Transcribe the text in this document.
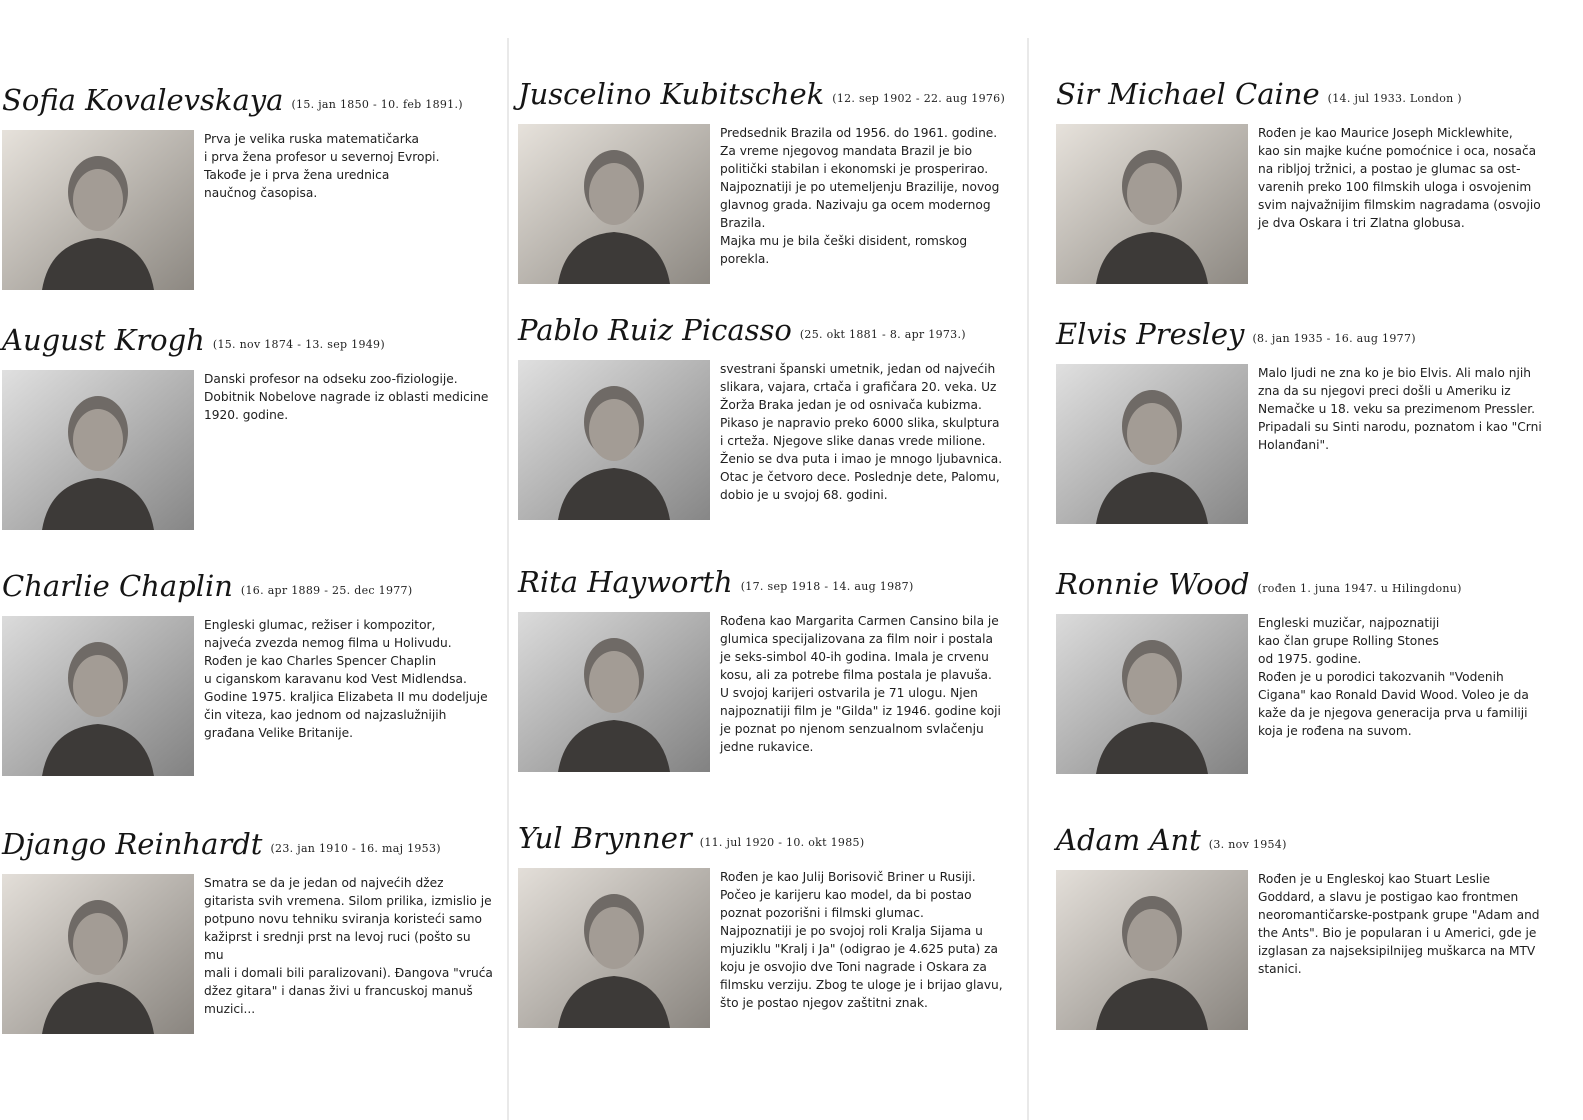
Sofia Kovalevskaya (15. jan 1850 - 10. feb 1891.)

Prva je velika ruska matematičarka

i prva žena profesor u severnoj Evropi.

Takođe je i prva žena urednica

naučnog časopisa.

August Krogh (15. nov 1874 - 13. sep 1949)

Danski profesor na odseku zoo-fiziologije.

Dobitnik Nobelove nagrade iz oblasti medicine

1920. godine.

Charlie Chaplin (16. apr 1889 - 25. dec 1977)

Engleski glumac, režiser i kompozitor,

najveća zvezda nemog filma u Holivudu.

Rođen je kao Charles Spencer Chaplin

u ciganskom karavanu kod Vest Midlendsa.

Godine 1975. kraljica Elizabeta II mu dodeljuje

čin viteza, kao jednom od najzaslužnijih

građana Velike Britanije.

Django Reinhardt (23. jan 1910 - 16. maj 1953)

Smatra se da je jedan od najvećih džez

gitarista svih vremena. Silom prilika, izmislio je

potpuno novu tehniku sviranja koristeći samo

kažiprst i srednji prst na levoj ruci (pošto su mu

mali i domali bili paralizovani). Đangova "vruća

džez gitara" i danas živi u francuskoj manuš

muzici...

Juscelino Kubitschek (12. sep 1902 - 22. aug 1976)

Predsednik Brazila od 1956. do 1961. godine.

Za vreme njegovog mandata Brazil je bio

politički stabilan i ekonomski je prosperirao.

Najpoznatiji je po utemeljenju Brazilije, novog

glavnog grada. Nazivaju ga ocem modernog

Brazila.

Majka mu je bila češki disident, romskog

porekla.

Pablo Ruiz Picasso (25. okt 1881 - 8. apr 1973.)

svestrani španski umetnik, jedan od najvećih

slikara, vajara, crtača i grafičara 20. veka. Uz

Žorža Braka jedan je od osnivača kubizma.

Pikaso je napravio preko 6000 slika, skulptura

i crteža. Njegove slike danas vrede milione.

Ženio se dva puta i imao je mnogo ljubavnica.

Otac je četvoro dece. Poslednje dete, Palomu,

dobio je u svojoj 68. godini.

Rita Hayworth (17. sep 1918 - 14. aug 1987)

Rođena kao Margarita Carmen Cansino bila je

glumica specijalizovana za film noir i postala

je seks-simbol 40-ih godina. Imala je crvenu

kosu, ali za potrebe filma postala je plavuša.

U svojoj karijeri ostvarila je 71 ulogu. Njen

najpoznatiji film je "Gilda" iz 1946. godine koji

je poznat po njenom senzualnom svlačenju

jedne rukavice.

Yul Brynner (11. jul 1920 - 10. okt 1985)

Rođen je kao Julij Borisovič Briner u Rusiji.

Počeo je karijeru kao model, da bi postao

poznat pozorišni i filmski glumac.

Najpoznatiji je po svojoj roli Kralja Sijama u

mjuziklu "Kralj i Ja" (odigrao je 4.625 puta) za

koju je osvojio dve Toni nagrade i Oskara za

filmsku verziju. Zbog te uloge je i brijao glavu,

što je postao njegov zaštitni znak.

Sir Michael Caine (14. jul 1933. London )

Rođen je kao Maurice Joseph Micklewhite,

kao sin majke kućne pomoćnice i oca, nosača

na ribljoj tržnici, a postao je glumac sa ost-

varenih preko 100 filmskih uloga i osvojenim

svim najvažnijim filmskim nagradama (osvojio

je dva Oskara i tri Zlatna globusa.

Elvis Presley (8. jan 1935 - 16. aug 1977)

Malo ljudi ne zna ko je bio Elvis. Ali malo njih

zna da su njegovi preci došli u Ameriku iz

Nemačke u 18. veku sa prezimenom Pressler.

Pripadali su Sinti narodu, poznatom i kao "Crni

Holanđani".

Ronnie Wood (rođen 1. juna 1947. u Hilingdonu)

Engleski muzičar, najpoznatiji

kao član grupe Rolling Stones

od 1975. godine.

Rođen je u porodici takozvanih "Vodenih

Cigana" kao Ronald David Wood. Voleo je da

kaže da je njegova generacija prva u familiji

koja je rođena na suvom.

Adam Ant (3. nov 1954)

Rođen je u Engleskoj kao Stuart Leslie

Goddard, a slavu je postigao kao frontmen

neoromantičarske-postpank grupe "Adam and

the Ants". Bio je popularan i u Americi, gde je

izglasan za najseksipilnijeg muškarca na MTV

stanici.
